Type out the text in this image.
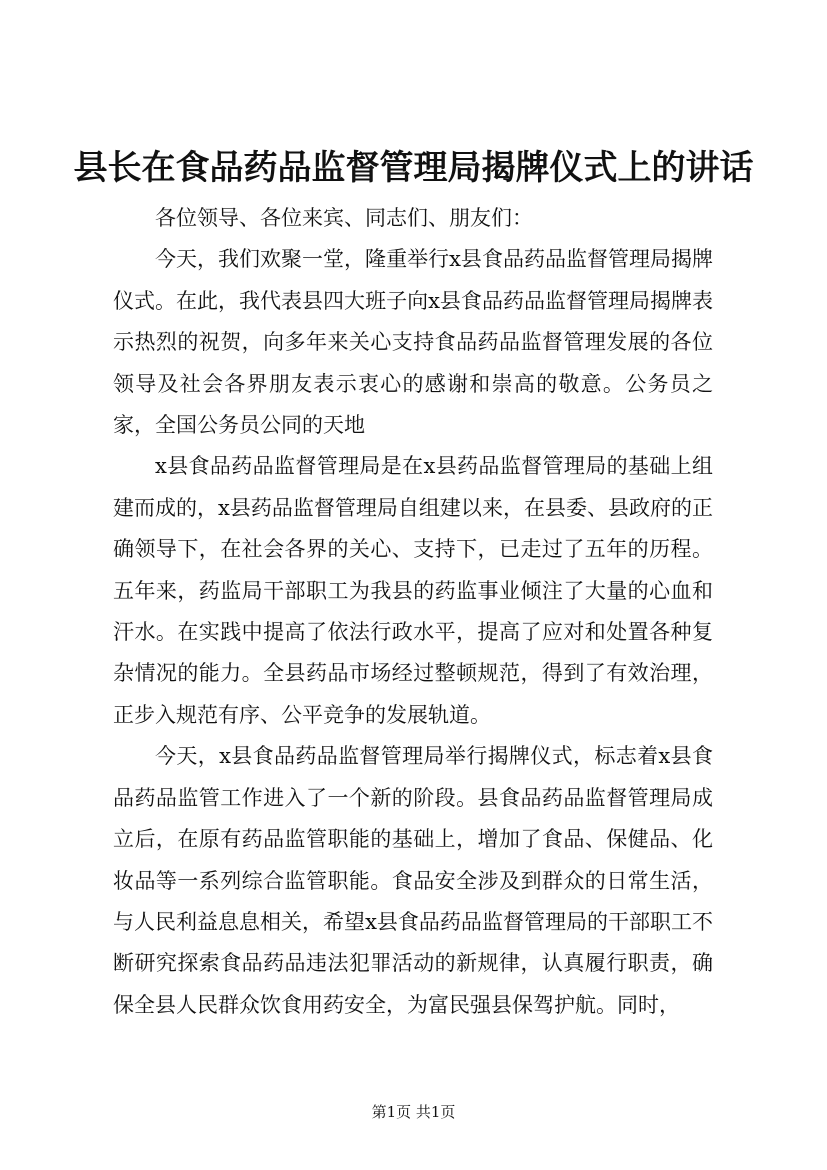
县长在食品药品监督管理局揭牌仪式上的讲话

各位领导、各位来宾、同志们、朋友们：

今天，我们欢聚一堂，隆重举行x县食品药品监督管理局揭牌仪式。在此，我代表县四大班子向x县食品药品监督管理局揭牌表示热烈的祝贺，向多年来关心支持食品药品监督管理发展的各位领导及社会各界朋友表示衷心的感谢和崇高的敬意。公务员之家，全国公务员公同的天地

x县食品药品监督管理局是在x县药品监督管理局的基础上组建而成的，x县药品监督管理局自组建以来，在县委、县政府的正确领导下，在社会各界的关心、支持下，已走过了五年的历程。五年来，药监局干部职工为我县的药监事业倾注了大量的心血和汗水。在实践中提高了依法行政水平，提高了应对和处置各种复杂情况的能力。全县药品市场经过整顿规范，得到了有效治理，正步入规范有序、公平竞争的发展轨道。

今天，x县食品药品监督管理局举行揭牌仪式，标志着x县食品药品监管工作进入了一个新的阶段。县食品药品监督管理局成立后，在原有药品监管职能的基础上，增加了食品、保健品、化妆品等一系列综合监管职能。食品安全涉及到群众的日常生活，与人民利益息息相关，希望x县食品药品监督管理局的干部职工不断研究探索食品药品违法犯罪活动的新规律，认真履行职责，确保全县人民群众饮食用药安全，为富民强县保驾护航。同时，

第1页 共1页
